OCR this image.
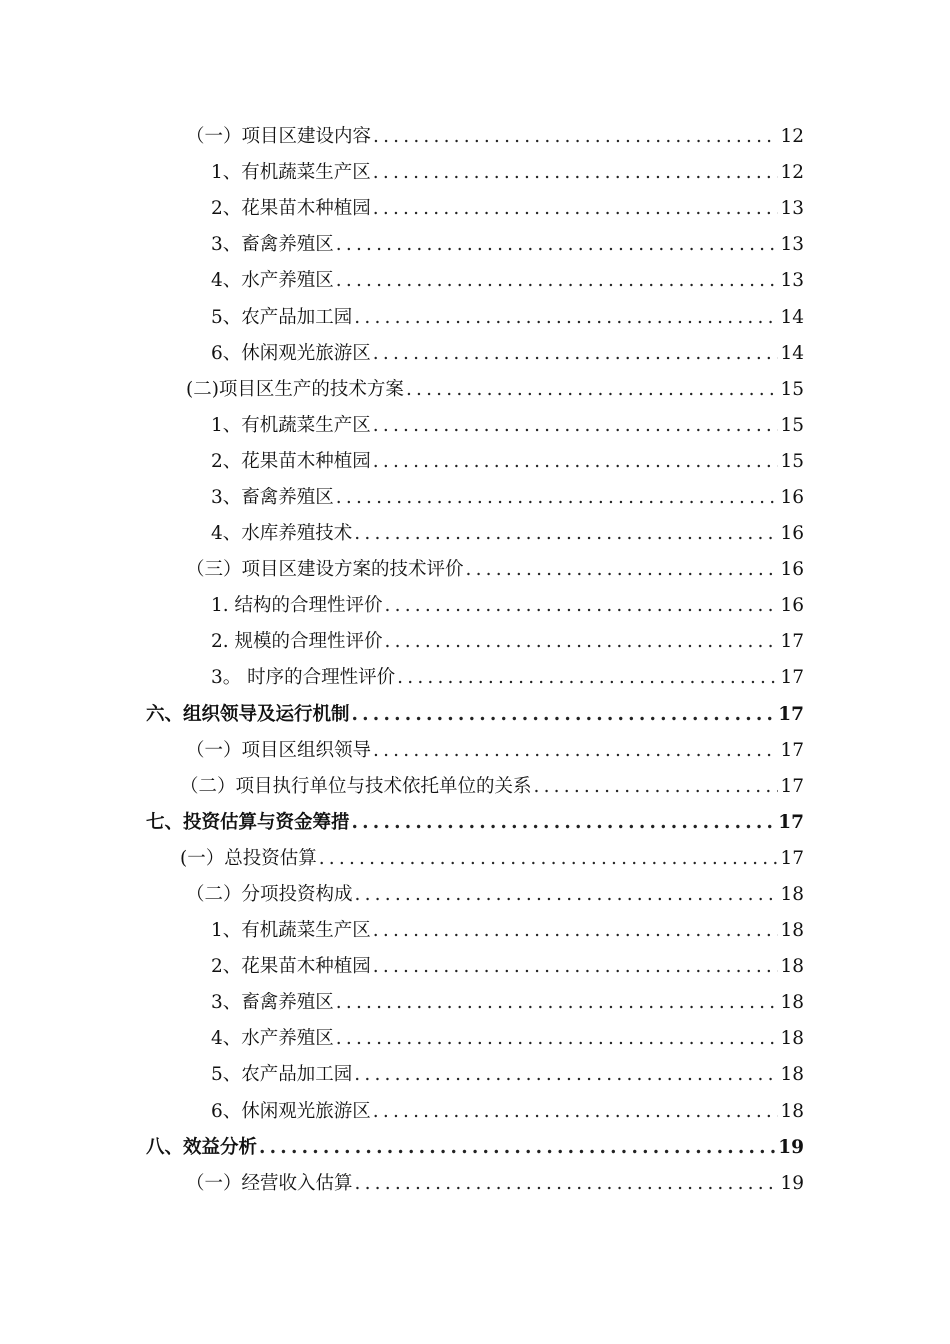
（一）项目区建设内容 .....	12
1、有机蔬菜生产区 .....	12
2、花果苗木种植园 .....	13
3、畜禽养殖区 .....	13
4、水产养殖区 .....	13
5、农产品加工园 .....	14
6、休闲观光旅游区 .....	14
(二)项目区生产的技术方案 .....	15
1、有机蔬菜生产区 .....	15
2、花果苗木种植园 .....	15
3、畜禽养殖区 .....	16
4、水库养殖技术 .....	16
（三）项目区建设方案的技术评价 .....	16
1. 结构的合理性评价 .....	16
2. 规模的合理性评价 .....	17
3。 时序的合理性评价 .....	17
六、组织领导及运行机制 .....	17
（一）项目区组织领导 .....	17
（二）项目执行单位与技术依托单位的关系 .....	17
七、投资估算与资金筹措 .....	17
(一）总投资估算 .....	17
（二）分项投资构成 .....	18
1、有机蔬菜生产区 .....	18
2、花果苗木种植园 .....	18
3、畜禽养殖区 .....	18
4、水产养殖区 .....	18
5、农产品加工园 .....	18
6、休闲观光旅游区 .....	18
八、效益分析 .....	19
（一）经营收入估算 .....	19
